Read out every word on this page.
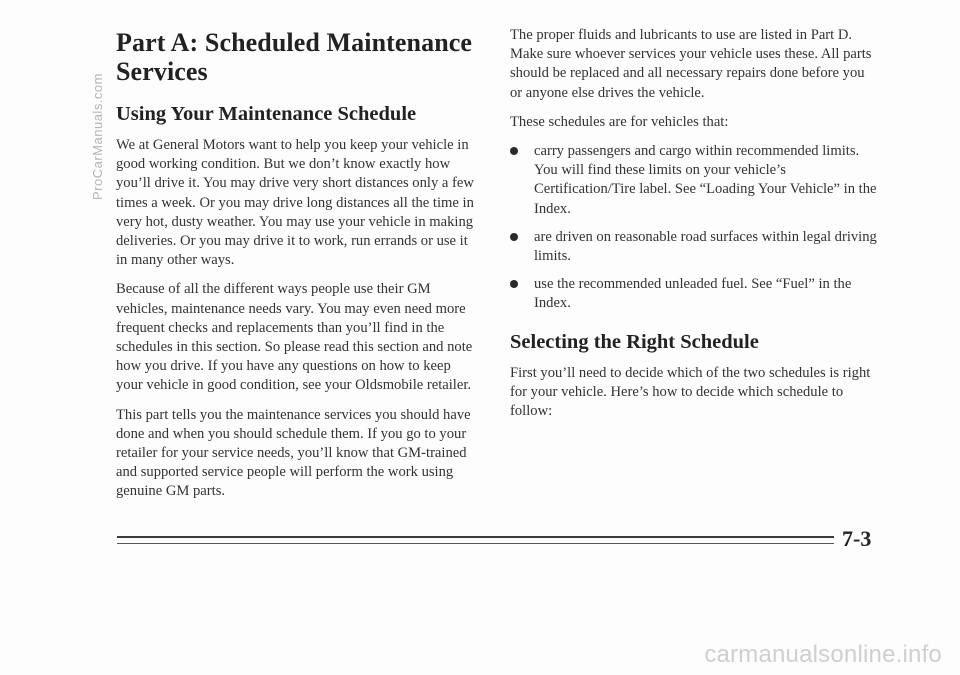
Part A: Scheduled Maintenance Services
Using Your Maintenance Schedule

We at General Motors want to help you keep your vehicle in good working condition. But we don’t know exactly how you’ll drive it. You may drive very short distances only a few times a week. Or you may drive long distances all the time in very hot, dusty weather. You may use your vehicle in making deliveries. Or you may drive it to work, run errands or use it in many other ways.

Because of all the different ways people use their GM vehicles, maintenance needs vary. You may even need more frequent checks and replacements than you’ll find in the schedules in this section. So please read this section and note how you drive. If you have any questions on how to keep your vehicle in good condition, see your Oldsmobile retailer.

This part tells you the maintenance services you should have done and when you should schedule them. If you go to your retailer for your service needs, you’ll know that GM-trained and supported service people will perform the work using genuine GM parts.

The proper fluids and lubricants to use are listed in Part D. Make sure whoever services your vehicle uses these. All parts should be replaced and all necessary repairs done before you or anyone else drives the vehicle.

These schedules are for vehicles that:

carry passengers and cargo within recommended limits. You will find these limits on your vehicle’s Certification/Tire label. See “Loading Your Vehicle” in the Index.
are driven on reasonable road surfaces within legal driving limits.
use the recommended unleaded fuel. See “Fuel” in the Index.
Selecting the Right Schedule

First you’ll need to decide which of the two schedules is right for your vehicle. Here’s how to decide which schedule to follow:

7-3
ProCarManuals.com
carmanualsonline.info
